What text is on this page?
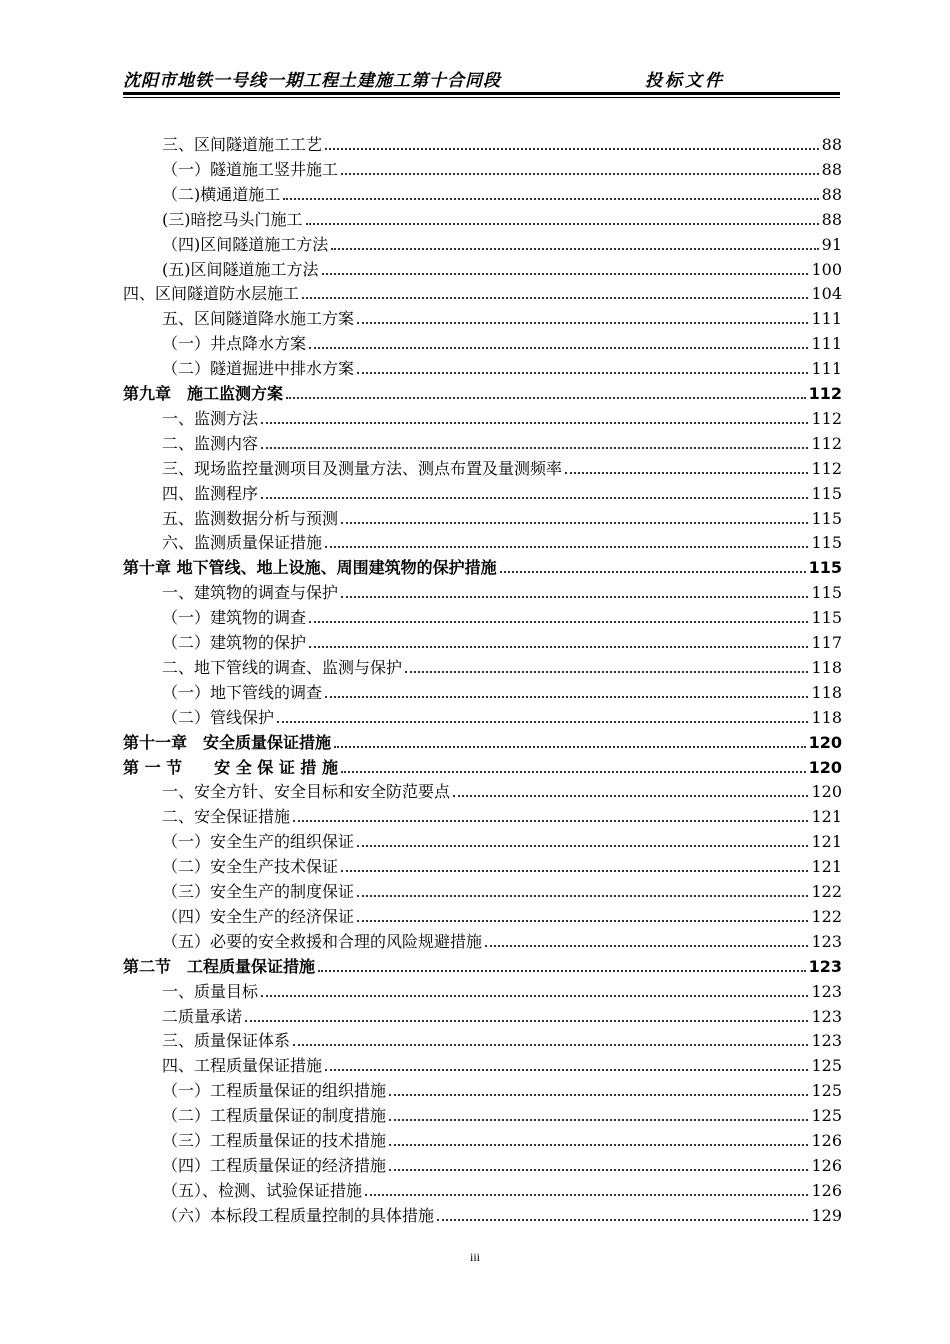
沈阳市地铁一号线一期工程土建施工第十合同段	投标文件
三、区间隧道施工工艺	88
（一）隧道施工竖井施工	88
（二)横通道施工	88
(三)暗挖马头门施工	88
（四)区间隧道施工方法	91
(五)区间隧道施工方法	100
四、区间隧道防水层施工	104
五、区间隧道降水施工方案	111
（一）井点降水方案	111
（二）隧道掘进中排水方案	111
第九章　施工监测方案	112
一、监测方法	112
二、监测内容	112
三、现场监控量测项目及测量方法、测点布置及量测频率	112
四、监测程序	115
五、监测数据分析与预测	115
六、监测质量保证措施	115
第十章 地下管线、地上设施、周围建筑物的保护措施	115
一、建筑物的调查与保护	115
（一）建筑物的调查	115
（二）建筑物的保护	117
二、地下管线的调查、监测与保护	118
（一）地下管线的调查	118
（二）管线保护	118
第十一章　安全质量保证措施	120
第 一 节　　安 全 保 证 措 施	120
一、安全方针、安全目标和安全防范要点	120
二、安全保证措施	121
（一）安全生产的组织保证	121
（二）安全生产技术保证	121
（三）安全生产的制度保证	122
（四）安全生产的经济保证	122
（五）必要的安全救援和合理的风险规避措施	123
第二节　工程质量保证措施	123
一、质量目标	123
二质量承诺	123
三、质量保证体系	123
四、工程质量保证措施	125
（一）工程质量保证的组织措施	125
（二）工程质量保证的制度措施	125
（三）工程质量保证的技术措施	126
（四）工程质量保证的经济措施	126
（五）、检测、试验保证措施	126
（六）本标段工程质量控制的具体措施	129
iii
